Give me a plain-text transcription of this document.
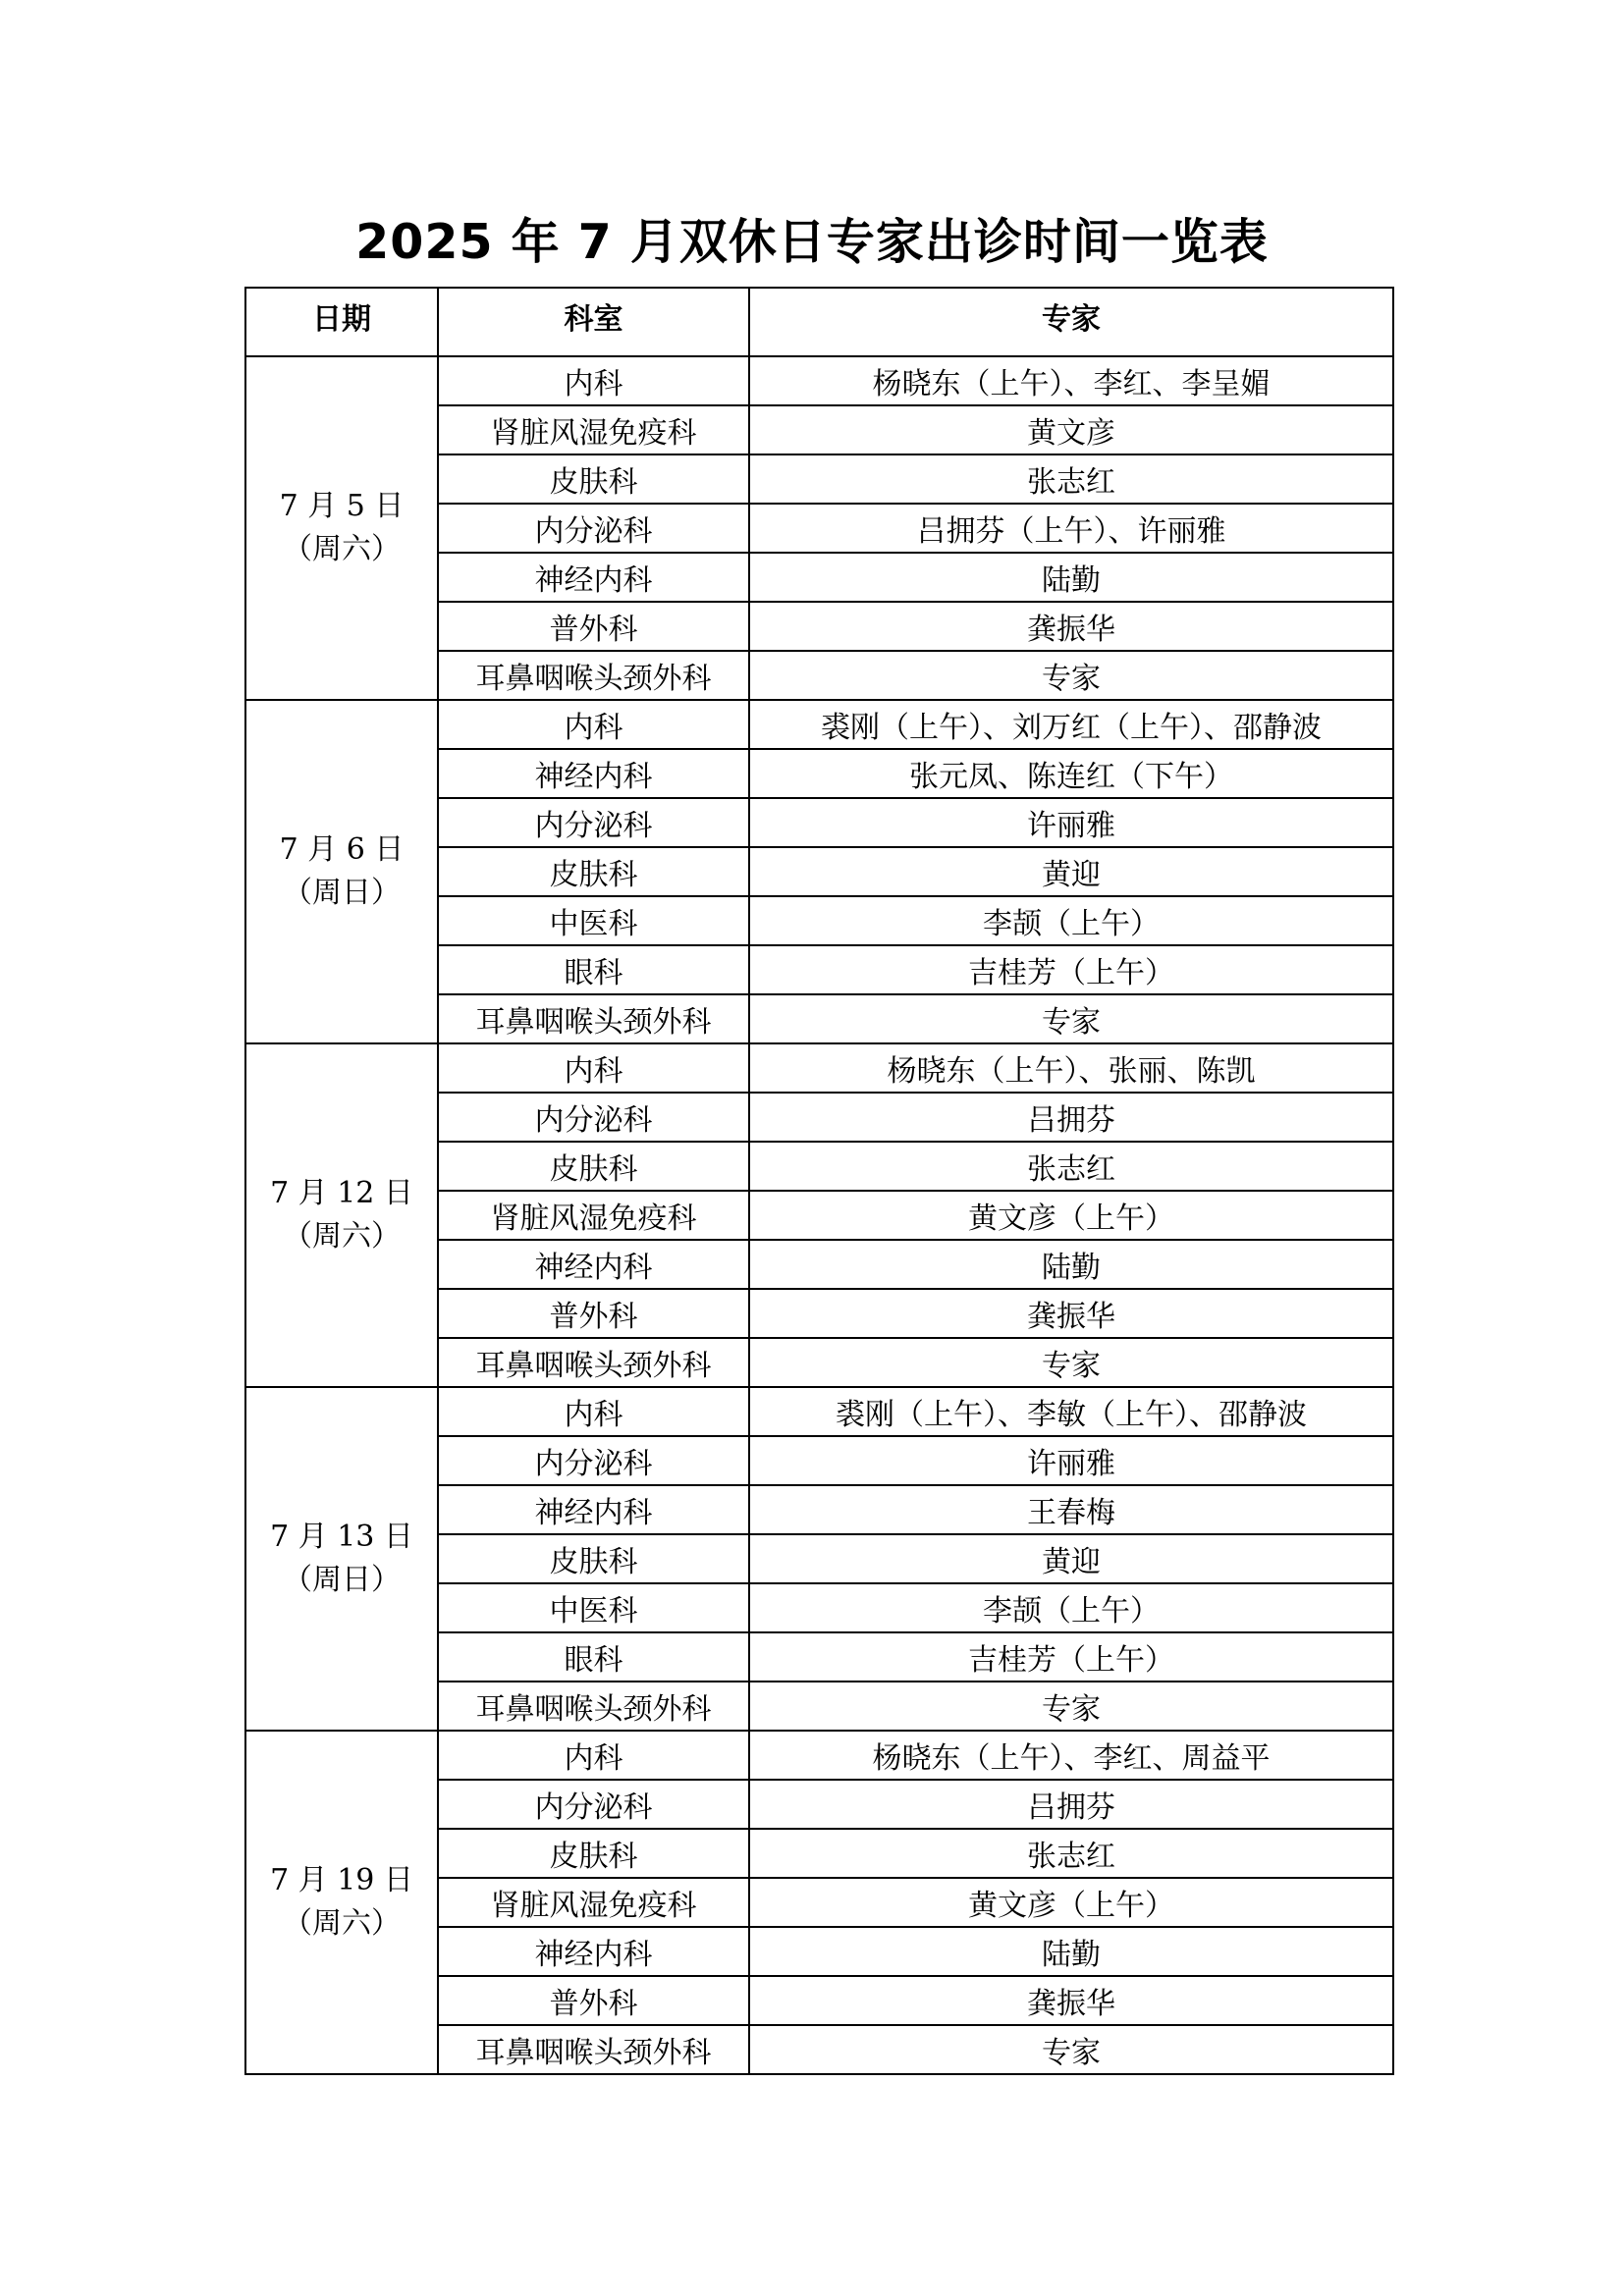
2025 年 7 月双休日专家出诊时间一览表
日期	科室	专家

7 月 5 日
（周六）	内科	杨晓东（上午）、李红、李呈媚
	肾脏风湿免疫科	黄文彦
	皮肤科	张志红
	内分泌科	吕拥芬（上午）、许丽雅
	神经内科	陆勤
	普外科	龚振华
	耳鼻咽喉头颈外科	专家

7 月 6 日
（周日）	内科	裘刚（上午）、刘万红（上午）、邵静波
	神经内科	张元凤、陈连红（下午）
	内分泌科	许丽雅
	皮肤科	黄迎
	中医科	李颉（上午）
	眼科	吉桂芳（上午）
	耳鼻咽喉头颈外科	专家

7 月 12 日
（周六）	内科	杨晓东（上午）、张丽、陈凯
	内分泌科	吕拥芬
	皮肤科	张志红
	肾脏风湿免疫科	黄文彦（上午）
	神经内科	陆勤
	普外科	龚振华
	耳鼻咽喉头颈外科	专家

7 月 13 日
（周日）	内科	裘刚（上午）、李敏（上午）、邵静波
	内分泌科	许丽雅
	神经内科	王春梅
	皮肤科	黄迎
	中医科	李颉（上午）
	眼科	吉桂芳（上午）
	耳鼻咽喉头颈外科	专家

7 月 19 日
（周六）	内科	杨晓东（上午）、李红、周益平
	内分泌科	吕拥芬
	皮肤科	张志红
	肾脏风湿免疫科	黄文彦（上午）
	神经内科	陆勤
	普外科	龚振华
	耳鼻咽喉头颈外科	专家
